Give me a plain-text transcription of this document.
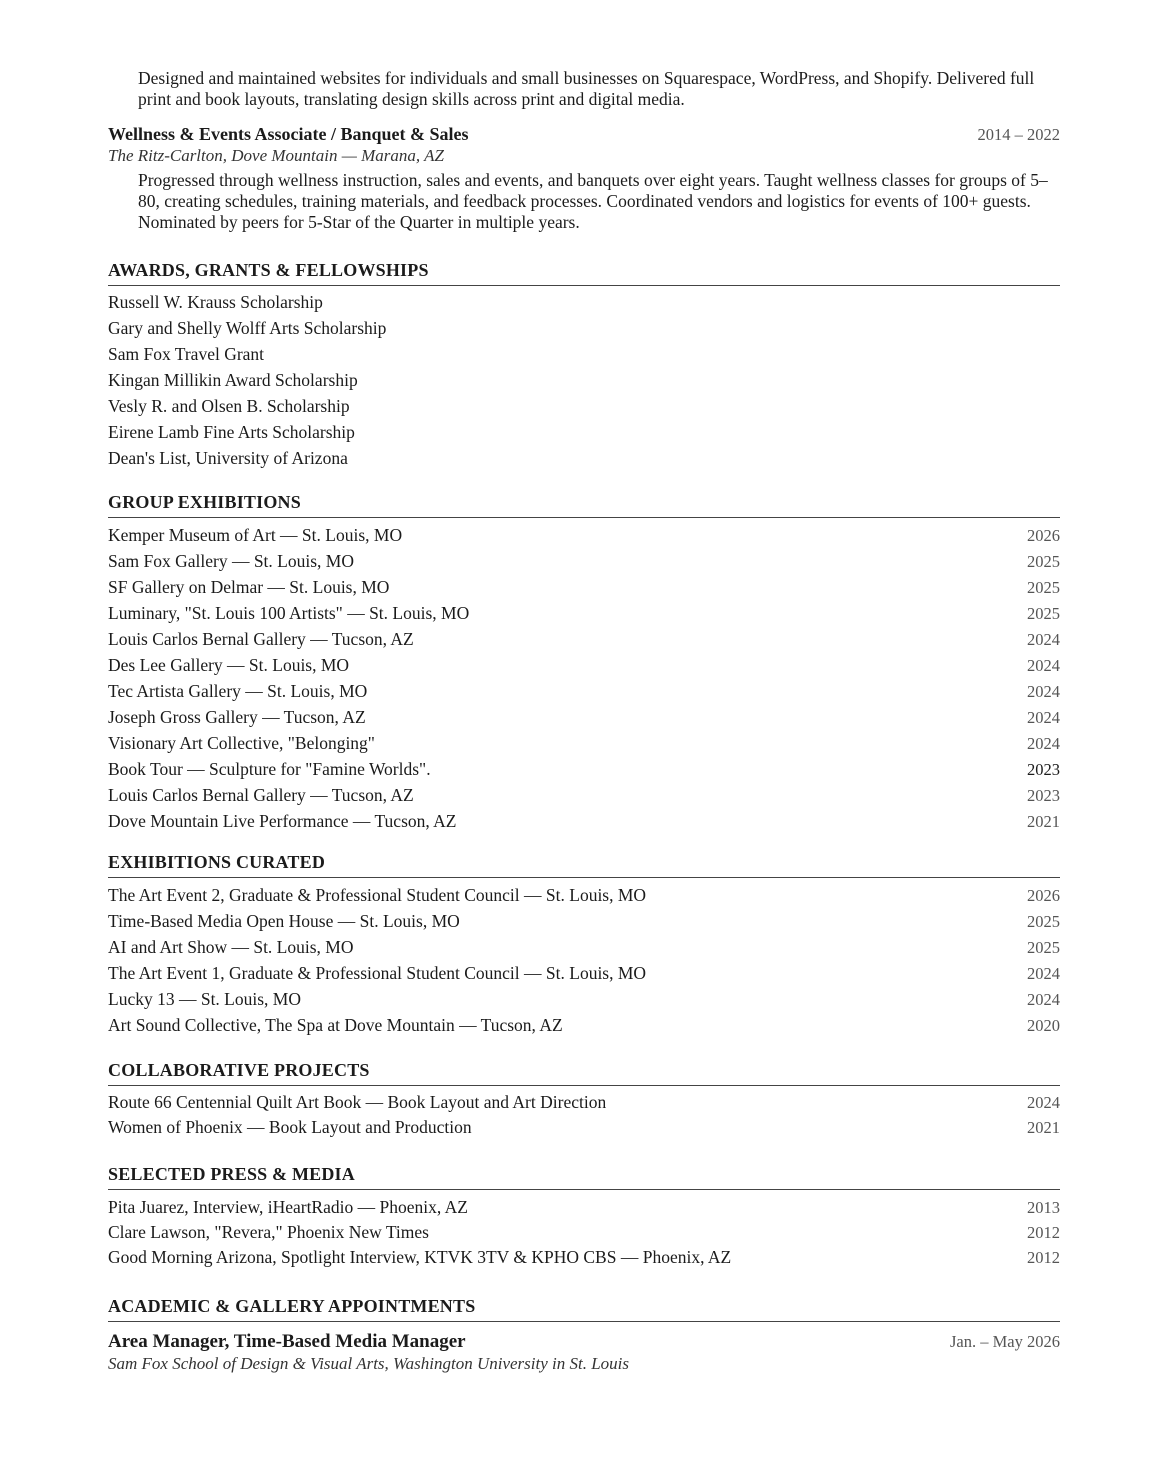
Designed and maintained websites for individuals and small businesses on Squarespace, WordPress, and Shopify. Delivered full print and book layouts, translating design skills across print and digital media.

Wellness & Events Associate / Banquet & Sales	2014 – 2022
The Ritz-Carlton, Dove Mountain — Marana, AZ

Progressed through wellness instruction, sales and events, and banquets over eight years. Taught wellness classes for groups of 5–80, creating schedules, training materials, and feedback processes. Coordinated vendors and logistics for events of 100+ guests. Nominated by peers for 5-Star of the Quarter in multiple years.

AWARDS, GRANTS & FELLOWSHIPS
Russell W. Krauss Scholarship
Gary and Shelly Wolff Arts Scholarship
Sam Fox Travel Grant
Kingan Millikin Award Scholarship
Vesly R. and Olsen B. Scholarship
Eirene Lamb Fine Arts Scholarship
Dean's List, University of Arizona
GROUP EXHIBITIONS
Kemper Museum of Art — St. Louis, MO	2026
Sam Fox Gallery — St. Louis, MO	2025
SF Gallery on Delmar — St. Louis, MO	2025
Luminary, "St. Louis 100 Artists" — St. Louis, MO	2025
Louis Carlos Bernal Gallery — Tucson, AZ	2024
Des Lee Gallery — St. Louis, MO	2024
Tec Artista Gallery — St. Louis, MO	2024
Joseph Gross Gallery — Tucson, AZ	2024
Visionary Art Collective, "Belonging"	2024
Book Tour — Sculpture for "Famine Worlds".	2023
Louis Carlos Bernal Gallery — Tucson, AZ	2023
Dove Mountain Live Performance — Tucson, AZ	2021
EXHIBITIONS CURATED
The Art Event 2, Graduate & Professional Student Council — St. Louis, MO	2026
Time-Based Media Open House — St. Louis, MO	2025
AI and Art Show — St. Louis, MO	2025
The Art Event 1, Graduate & Professional Student Council — St. Louis, MO	2024
Lucky 13 — St. Louis, MO	2024
Art Sound Collective, The Spa at Dove Mountain — Tucson, AZ	2020
COLLABORATIVE PROJECTS
Route 66 Centennial Quilt Art Book — Book Layout and Art Direction	2024
Women of Phoenix — Book Layout and Production	2021
SELECTED PRESS & MEDIA
Pita Juarez, Interview, iHeartRadio — Phoenix, AZ	2013
Clare Lawson, "Revera," Phoenix New Times	2012
Good Morning Arizona, Spotlight Interview, KTVK 3TV & KPHO CBS — Phoenix, AZ	2012
ACADEMIC & GALLERY APPOINTMENTS
Area Manager, Time-Based Media Manager	Jan. – May 2026
Sam Fox School of Design & Visual Arts, Washington University in St. Louis
